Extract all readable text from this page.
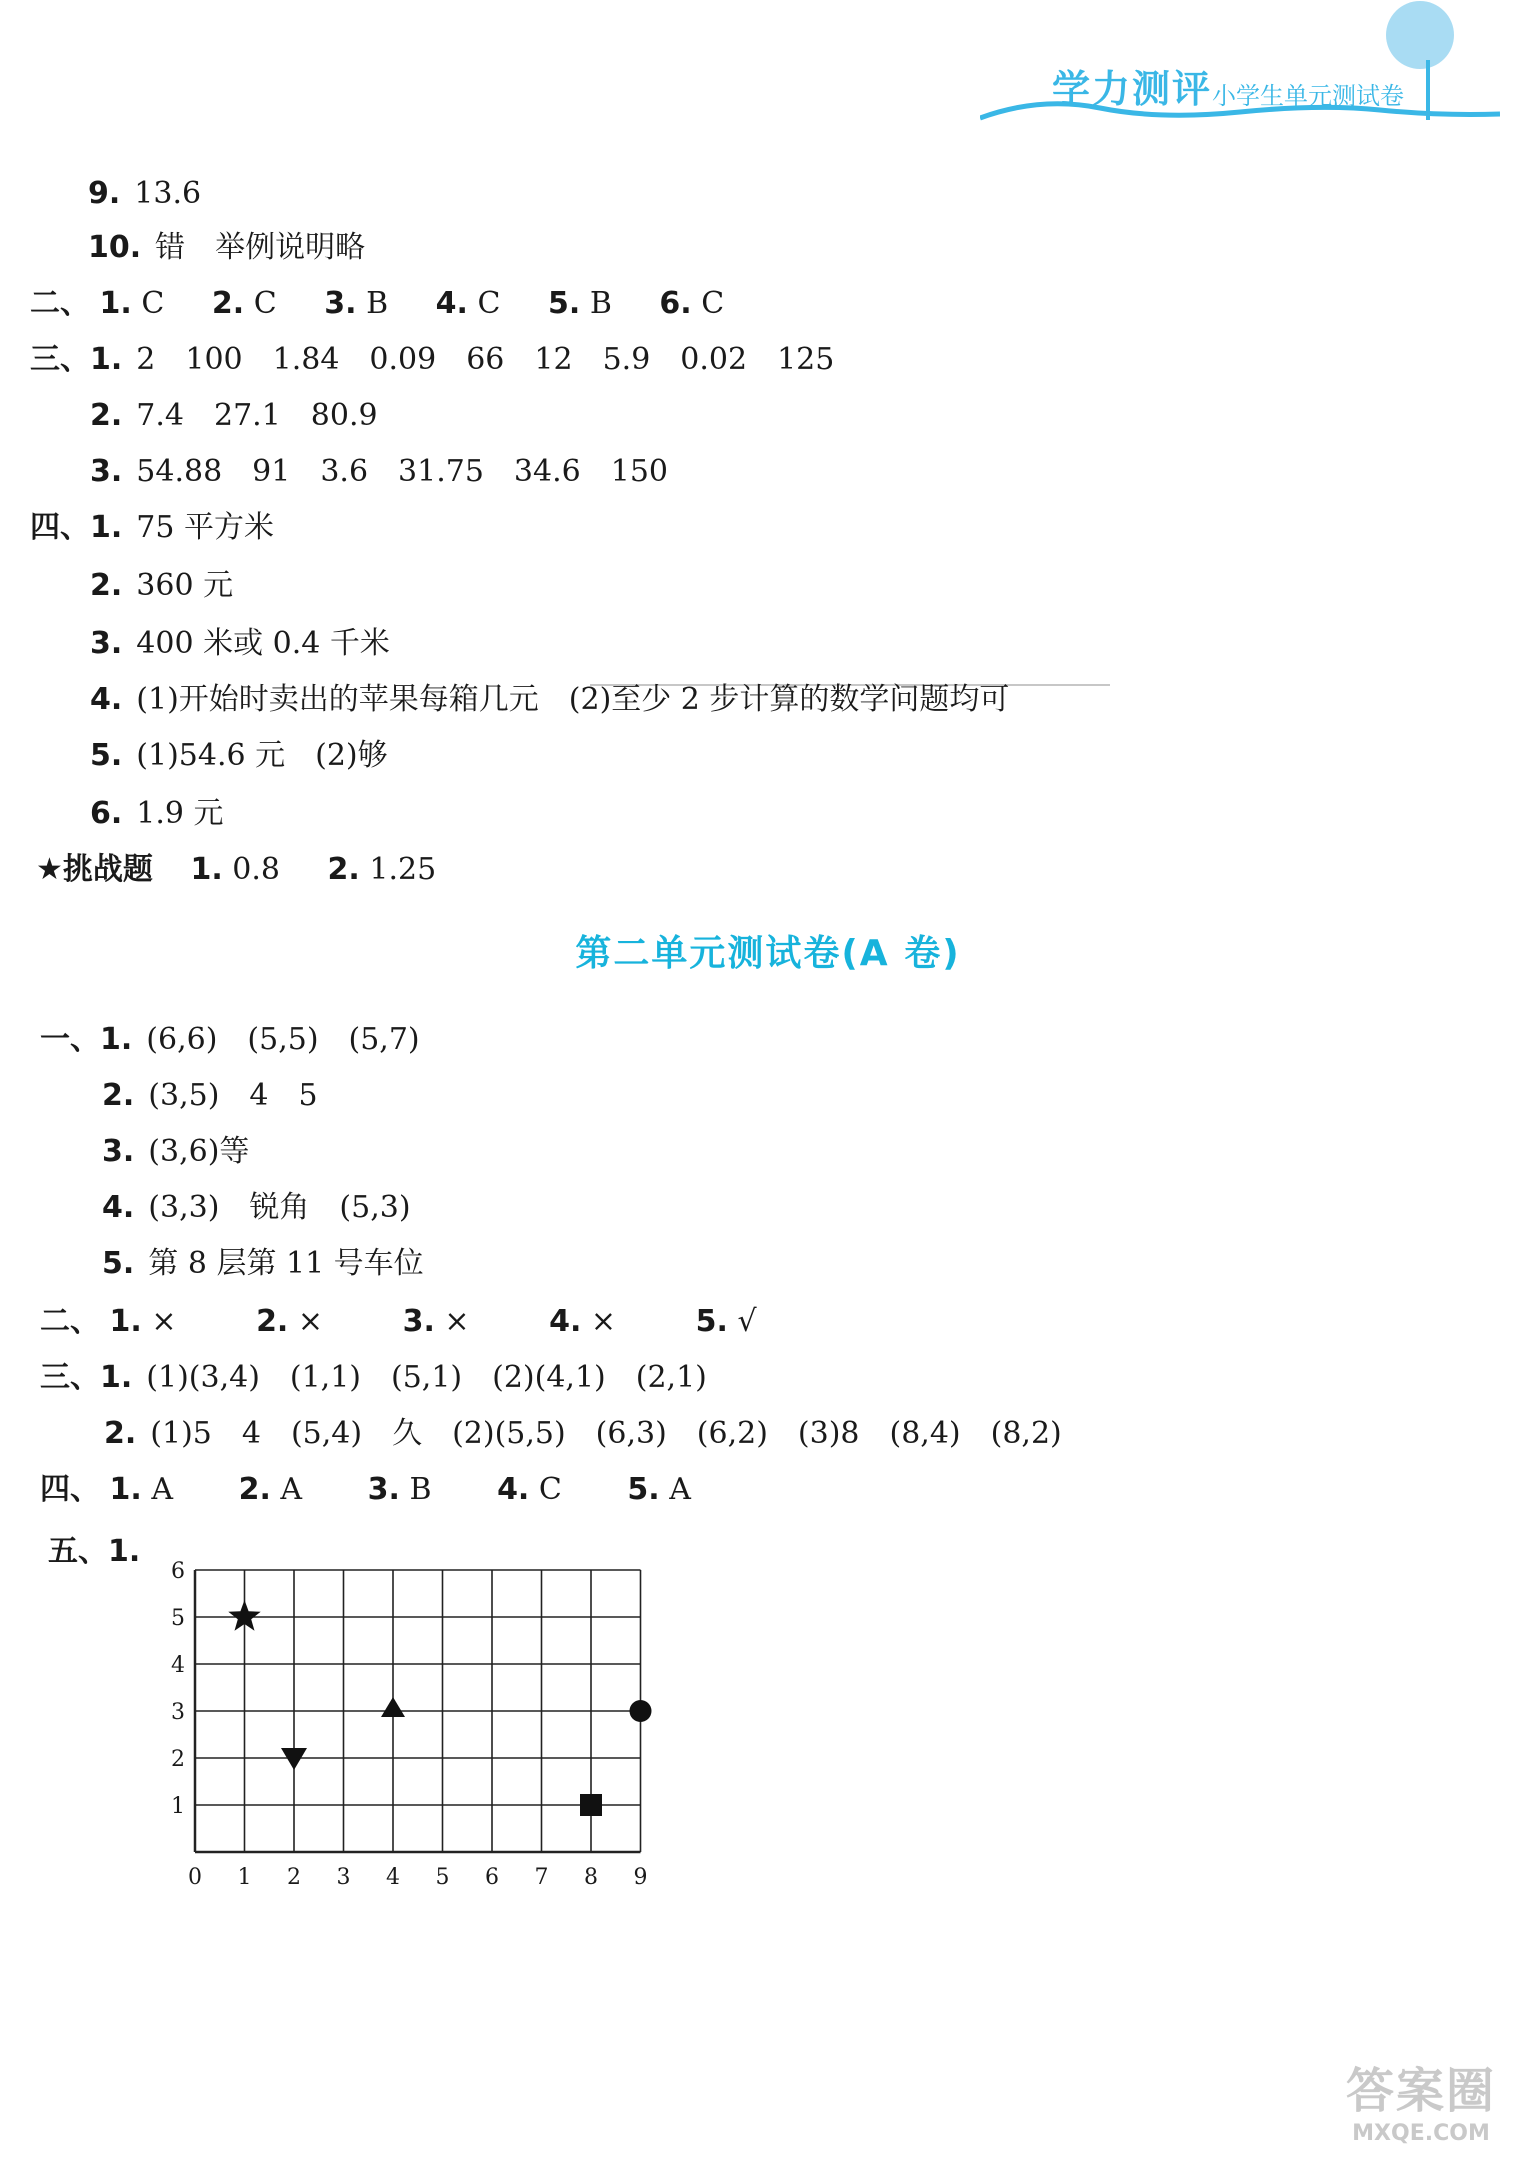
学力测评 小学生单元测试卷
9. 13.6
10. 错　举例说明略
二、 1. C 2. C 3. B 4. C 5. B 6. C
三、1. 2　100　1.84　0.09　66　12　5.9　0.02　125
2. 7.4　27.1　80.9
3. 54.88　91　3.6　31.75　34.6　150
四、1. 75 平方米
2. 360 元
3. 400 米或 0.4 千米
4. (1)开始时卖出的苹果每箱几元　(2)至少 2 步计算的数学问题均可
5. (1)54.6 元　(2)够
6. 1.9 元
★挑战题 1. 0.8 2. 1.25
第二单元测试卷(A 卷)
一、1. (6,6)　(5,5)　(5,7)
2. (3,5)　4　5
3. (3,6)等
4. (3,3)　锐角　(5,3)
5. 第 8 层第 11 号车位
二、 1. ×	2. ×	3. ×	4. ×	5. √
三、1. (1)(3,4)　(1,1)　(5,1)　(2)(4,1)　(2,1)
2. (1)5　4　(5,4)　久　(2)(5,5)　(6,3)　(6,2)　(3)8　(8,4)　(8,2)
四、 1. A 2. A 3. B 4. C 5. A
五、1.
0 1 2 3 4 5 6 7 8 9
1
2
3
4
5
6
答案圈
MXQE.COM
